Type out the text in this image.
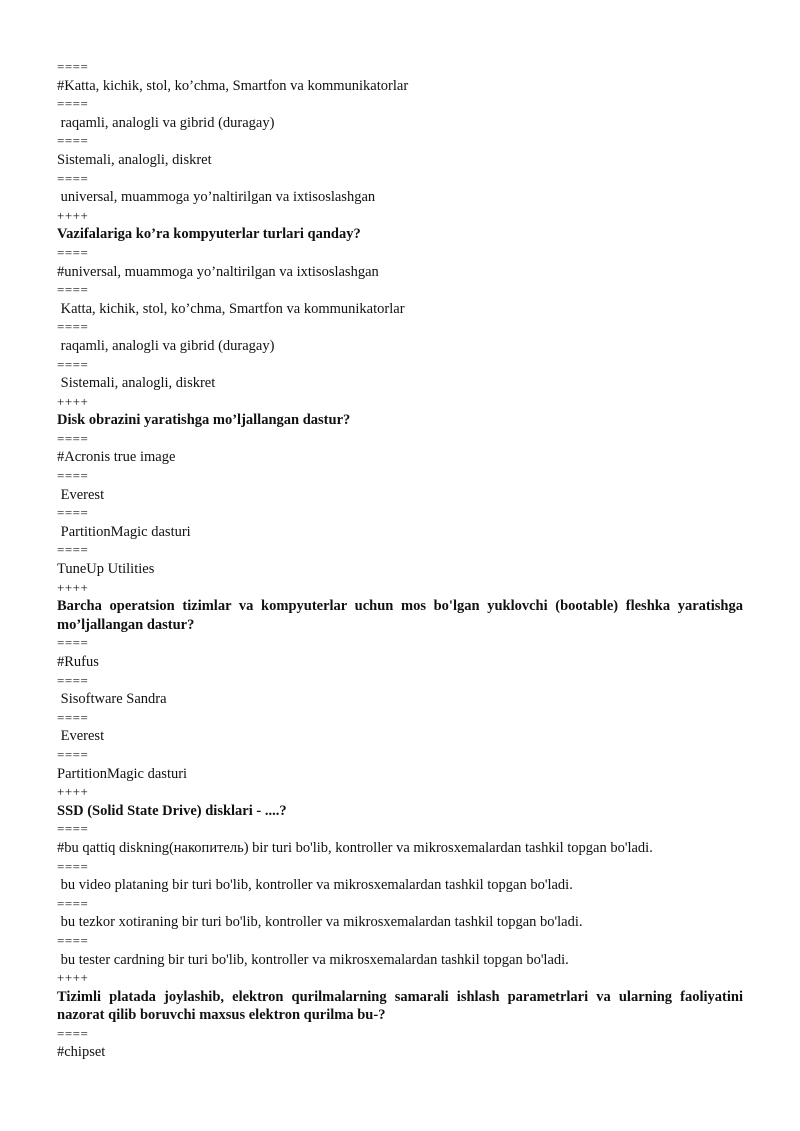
====
#Katta, kichik, stol, ko’chma, Smartfon va kommunikatorlar
====
raqamli, analogli va gibrid (duragay)
====
Sistemali, analogli, diskret
====
universal, muammoga yo’naltirilgan va ixtisoslashgan
++++
Vazifalariga ko’ra kompyuterlar turlari qanday?
====
#universal, muammoga yo’naltirilgan va ixtisoslashgan
====
Katta, kichik, stol, ko’chma, Smartfon va kommunikatorlar
====
raqamli, analogli va gibrid (duragay)
====
Sistemali, analogli, diskret
++++
Disk obrazini yaratishga mo’ljallangan dastur?
====
#Acronis true image
====
Everest
====
PartitionMagic dasturi
====
TuneUp Utilities
++++
Barcha operatsion tizimlar va kompyuterlar uchun mos bo'lgan yuklovchi (bootable) fleshka yaratishga mo’ljallangan dastur?
====
#Rufus
====
Sisoftware Sandra
====
Everest
====
PartitionMagic dasturi
++++
SSD (Solid State Drive) disklari - ....?
====
#bu qattiq diskning(накопитель) bir turi bo'lib, kontroller va mikrosxemalardan tashkil topgan bo'ladi.
====
bu video plataning bir turi bo'lib, kontroller va mikrosxemalardan tashkil topgan bo'ladi.
====
bu tezkor xotiraning bir turi bo'lib, kontroller va mikrosxemalardan tashkil topgan bo'ladi.
====
bu tester cardning bir turi bo'lib, kontroller va mikrosxemalardan tashkil topgan bo'ladi.
++++
Tizimli platada joylashib, elektron qurilmalarning samarali ishlash parametrlari va ularning faoliyatini nazorat qilib boruvchi maxsus elektron qurilma bu-?
====
#chipset
